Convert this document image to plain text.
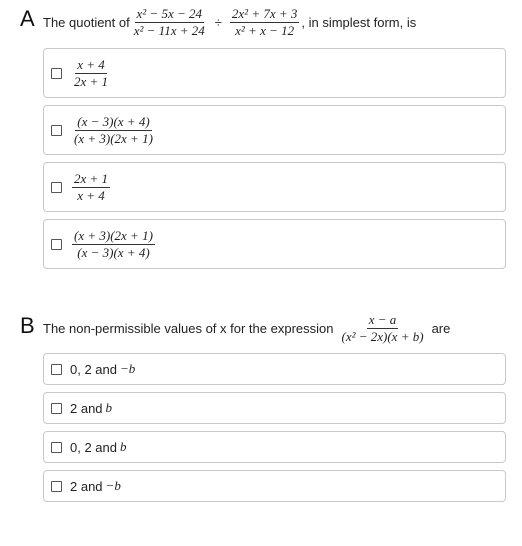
A The quotient of $\frac{\text{x² − 5x − 24}}{\text{x² − 11x + 24}} \div \frac{\text{2x² + 7x + 3}}{\text{x² + x − 12}}$ , in simplest form, is
$\frac{x + 4}{2x + 1}$
$\frac{(x - 3)(x + 4)}{(x + 3)(2x + 1)}$
$\frac{2x + 1}{x + 4}$
$\frac{(x + 3)(2x + 1)}{(x - 3)(x + 4)}$
B The non-permissible values of x for the expression $\frac{x - a}{\text{(x² − 2x)(x + b)}}$ are
0, 2 and −b
2 and b
0, 2 and b
2 and −b
